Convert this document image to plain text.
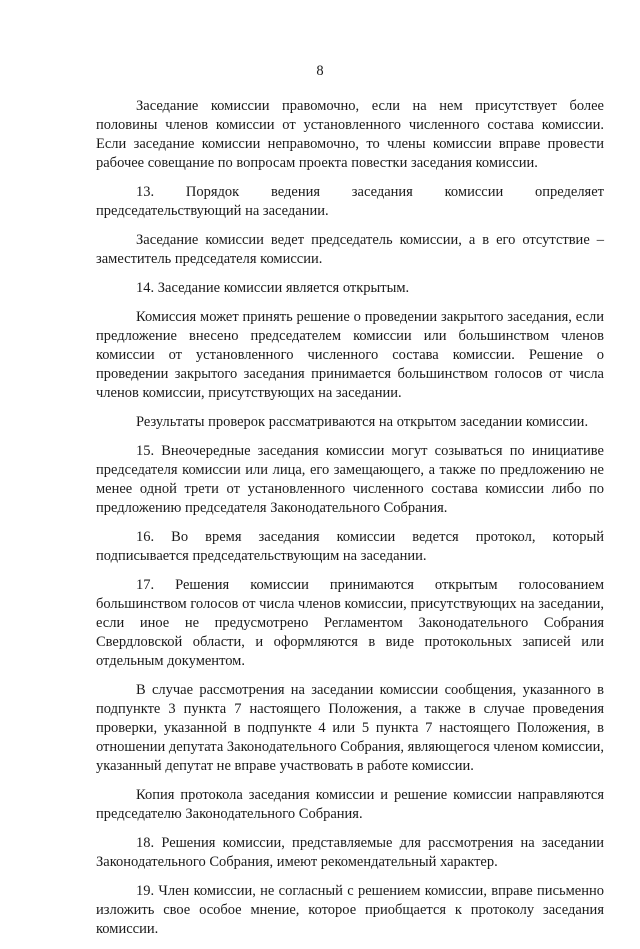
8

Заседание комиссии правомочно, если на нем присутствует более половины членов комиссии от установленного численного состава комиссии. Если заседание комиссии неправомочно, то члены комиссии вправе провести рабочее совещание по вопросам проекта повестки заседания комиссии.

13. Порядок ведения заседания комиссии определяет председательствующий на заседании.

Заседание комиссии ведет председатель комиссии, а в его отсутствие – заместитель председателя комиссии.

14. Заседание комиссии является открытым.

Комиссия может принять решение о проведении закрытого заседания, если предложение внесено председателем комиссии или большинством членов комиссии от установленного численного состава комиссии. Решение о проведении закрытого заседания принимается большинством голосов от числа членов комиссии, присутствующих на заседании.

Результаты проверок рассматриваются на открытом заседании комиссии.

15. Внеочередные заседания комиссии могут созываться по инициативе председателя комиссии или лица, его замещающего, а также по предложению не менее одной трети от установленного численного состава комиссии либо по предложению председателя Законодательного Собрания.

16. Во время заседания комиссии ведется протокол, который подписывается председательствующим на заседании.

17. Решения комиссии принимаются открытым голосованием большинством голосов от числа членов комиссии, присутствующих на заседании, если иное не предусмотрено Регламентом Законодательного Собрания Свердловской области, и оформляются в виде протокольных записей или отдельным документом.

В случае рассмотрения на заседании комиссии сообщения, указанного в подпункте 3 пункта 7 настоящего Положения, а также в случае проведения проверки, указанной в подпункте 4 или 5 пункта 7 настоящего Положения, в отношении депутата Законодательного Собрания, являющегося членом комиссии, указанный депутат не вправе участвовать в работе комиссии.

Копия протокола заседания комиссии и решение комиссии направляются председателю Законодательного Собрания.

18. Решения комиссии, представляемые для рассмотрения на заседании Законодательного Собрания, имеют рекомендательный характер.

19. Член комиссии, не согласный с решением комиссии, вправе письменно изложить свое особое мнение, которое приобщается к протоколу заседания комиссии.
